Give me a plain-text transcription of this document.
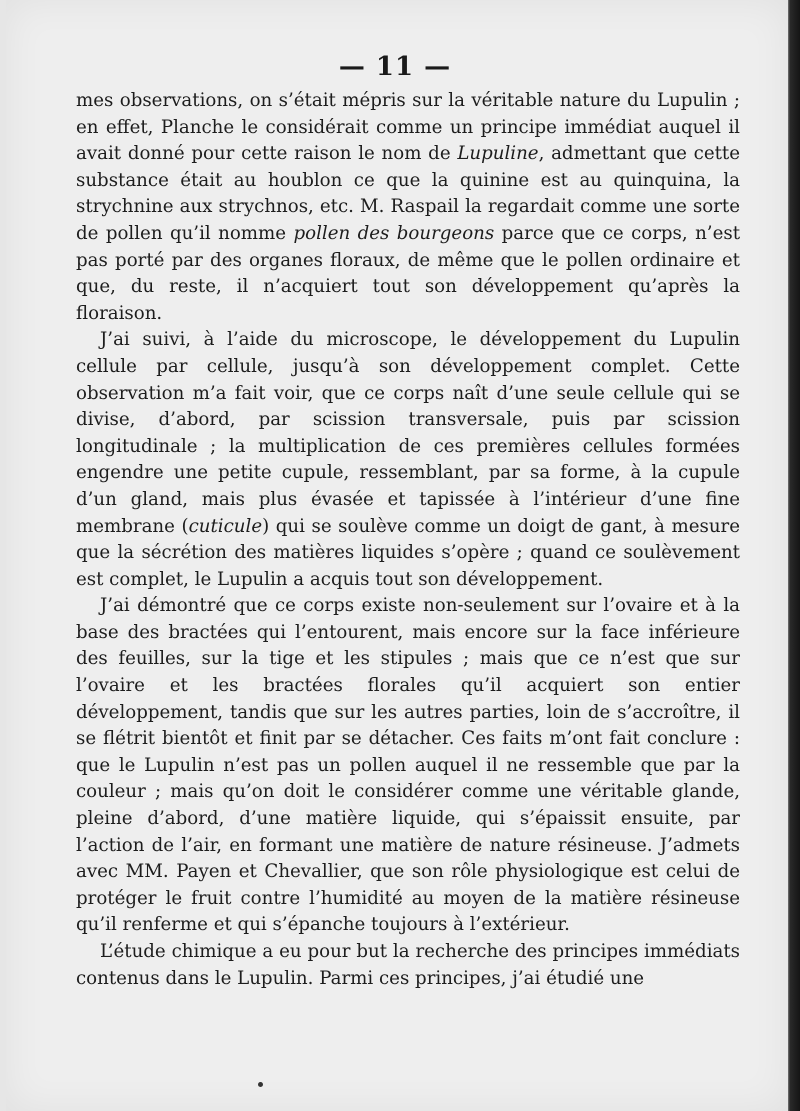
— 11 —

mes observations, on s’était mépris sur la véritable nature du Lupulin ; en effet, Planche le considérait comme un principe immédiat auquel il avait donné pour cette raison le nom de Lupuline, admettant que cette substance était au houblon ce que la quinine est au quinquina, la strychnine aux strychnos, etc. M. Raspail la regardait comme une sorte de pollen qu’il nomme pollen des bourgeons parce que ce corps, n’est pas porté par des organes floraux, de même que le pollen ordinaire et que, du reste, il n’acquiert tout son développement qu’après la floraison.

J’ai suivi, à l’aide du microscope, le développement du Lupulin cellule par cellule, jusqu’à son développement complet. Cette observation m’a fait voir, que ce corps naît d’une seule cellule qui se divise, d’abord, par scission transversale, puis par scission longitudinale ; la multiplication de ces premières cellules formées engendre une petite cupule, ressemblant, par sa forme, à la cupule d’un gland, mais plus évasée et tapissée à l’intérieur d’une fine membrane (cuticule) qui se soulève comme un doigt de gant, à mesure que la sécrétion des matières liquides s’opère ; quand ce soulèvement est complet, le Lupulin a acquis tout son développement.

J’ai démontré que ce corps existe non-seulement sur l’ovaire et à la base des bractées qui l’entourent, mais encore sur la face inférieure des feuilles, sur la tige et les stipules ; mais que ce n’est que sur l’ovaire et les bractées florales qu’il acquiert son entier développement, tandis que sur les autres parties, loin de s’accroître, il se flétrit bientôt et finit par se détacher. Ces faits m’ont fait conclure : que le Lupulin n’est pas un pollen auquel il ne ressemble que par la couleur ; mais qu’on doit le considérer comme une véritable glande, pleine d’abord, d’une matière liquide, qui s’épaissit ensuite, par l’action de l’air, en formant une matière de nature résineuse. J’admets avec MM. Payen et Chevallier, que son rôle physiologique est celui de protéger le fruit contre l’humidité au moyen de la matière résineuse qu’il renferme et qui s’épanche toujours à l’extérieur.

L’étude chimique a eu pour but la recherche des principes immédiats contenus dans le Lupulin. Parmi ces principes, j’ai étudié une
